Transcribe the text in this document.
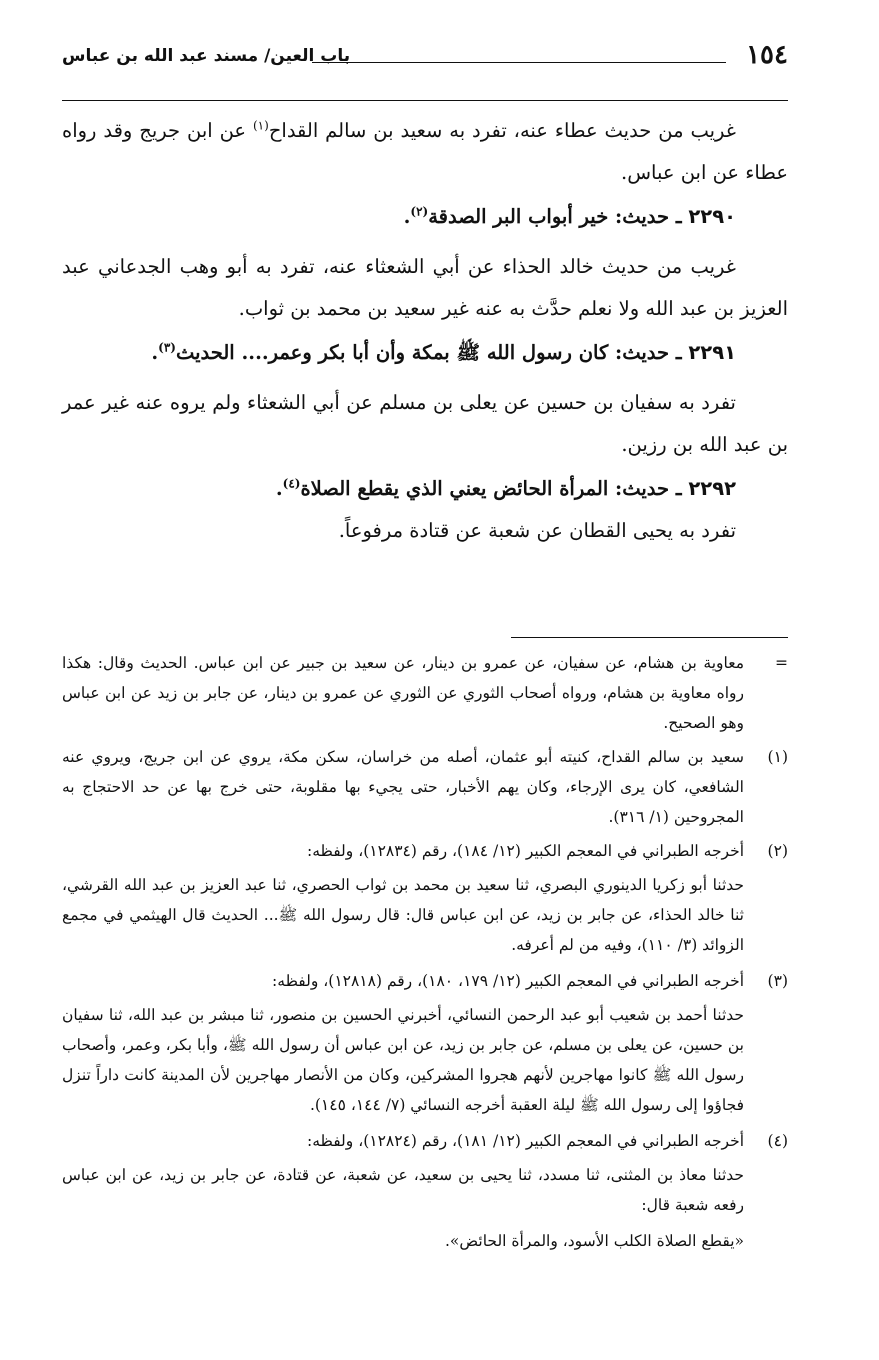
١٥٤
باب العين/ مسند عبد الله بن عباس

غريب من حديث عطاء عنه، تفرد به سعيد بن سالم القداح$^{(١)}$ عن ابن جريج وقد رواه عطاء عن ابن عباس.

٢٢٩٠ ـ حديث: خير أبواب البر الصدقة$^{(٢)}$.

غريب من حديث خالد الحذاء عن أبي الشعثاء عنه، تفرد به أبو وهب الجدعاني عبد العزيز بن عبد الله ولا نعلم حدَّث به عنه غير سعيد بن محمد بن ثواب.

٢٢٩١ ـ حديث: كان رسول الله ﷺ بمكة وأن أبا بكر وعمر.... الحديث$^{(٣)}$.

تفرد به سفيان بن حسين عن يعلى بن مسلم عن أبي الشعثاء ولم يروه عنه غير عمر بن عبد الله بن رزين.

٢٢٩٢ ـ حديث: المرأة الحائض يعني الذي يقطع الصلاة$^{(٤)}$.

تفرد به يحيى القطان عن شعبة عن قتادة مرفوعاً.

=
معاوية بن هشام، عن سفيان، عن عمرو بن دينار، عن سعيد بن جبير عن ابن عباس. الحديث وقال: هكذا رواه معاوية بن هشام، ورواه أصحاب الثوري عن الثوري عن عمرو بن دينار، عن جابر بن زيد عن ابن عباس وهو الصحيح.
(١)
سعيد بن سالم القداح، كنيته أبو عثمان، أصله من خراسان، سكن مكة، يروي عن ابن جريج، ويروي عنه الشافعي، كان يرى الإرجاء، وكان يهم الأخبار، حتى يجيء بها مقلوبة، حتى خرج بها عن حد الاحتجاج به المجروحين (١/ ٣١٦).
(٢)
أخرجه الطبراني في المعجم الكبير (١٢/ ١٨٤)، رقم (١٢٨٣٤)، ولفظه:
حدثنا أبو زكريا الدينوري البصري، ثنا سعيد بن محمد بن ثواب الحصري، ثنا عبد العزيز بن عبد الله القرشي، ثنا خالد الحذاء، عن جابر بن زيد، عن ابن عباس قال: قال رسول الله ﷺ... الحديث قال الهيثمي في مجمع الزوائد (٣/ ١١٠)، وفيه من لم أعرفه.
(٣)
أخرجه الطبراني في المعجم الكبير (١٢/ ١٧٩، ١٨٠)، رقم (١٢٨١٨)، ولفظه:
حدثنا أحمد بن شعيب أبو عبد الرحمن النسائي، أخبرني الحسين بن منصور، ثنا مبشر بن عبد الله، ثنا سفيان بن حسين، عن يعلى بن مسلم، عن جابر بن زيد، عن ابن عباس أن رسول الله ﷺ، وأبا بكر، وعمر، وأصحاب رسول الله ﷺ كانوا مهاجرين لأنهم هجروا المشركين، وكان من الأنصار مهاجرين لأن المدينة كانت داراً تنزل فجاؤوا إلى رسول الله ﷺ ليلة العقبة أخرجه النسائي (٧/ ١٤٤، ١٤٥).
(٤)
أخرجه الطبراني في المعجم الكبير (١٢/ ١٨١)، رقم (١٢٨٢٤)، ولفظه:
حدثنا معاذ بن المثنى، ثنا مسدد، ثنا يحيى بن سعيد، عن شعبة، عن قتادة، عن جابر بن زيد، عن ابن عباس رفعه شعبة قال:
«يقطع الصلاة الكلب الأسود، والمرأة الحائض».
